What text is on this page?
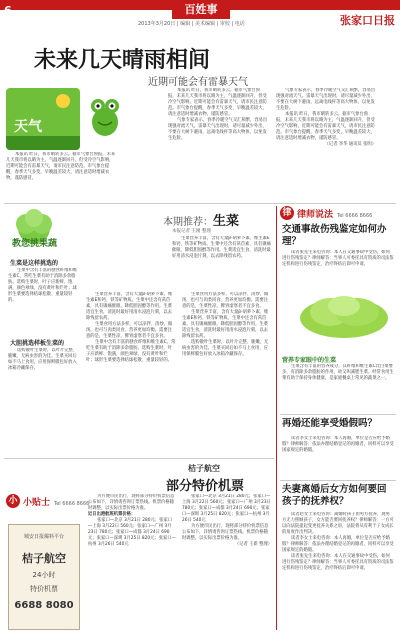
6	百姓事
2013年3月20日 | 编辑 | 美术编辑 | 审校 | 电话	张家口日报
未来几天晴雨相间
近期可能会有雷暴天气
天气

本报讯 昨日，我市晴转多云。据市气象台预报，未来几天我市将以晴为主，气温逐渐回升，但受冷空气影响，近期可能会有雷暴天气，请市民注意防范。市气象台提醒，春季天气多变，早晚温差较大，请注意适时增减衣物，谨防感冒。

本报讯 昨日，我市晴转多云。据市气象台预报，未来几天我市将以晴为主，气温逐渐回升，但受冷空气影响，近期可能会有雷暴天气，请市民注意防范。市气象台提醒，春季天气多变，早晚温差较大，请注意适时增减衣物，谨防感冒。

气象专家表示，春季冷暖空气交汇频繁，容易出现强对流天气。雷暴天气出现时，请尽量减少外出，不要在大树下避雨，远离电线杆等高大物体，以免发生危险。

气象专家表示，春季冷暖空气交汇频繁，容易出现强对流天气。雷暴天气出现时，请尽量减少外出，不要在大树下避雨，远离电线杆等高大物体，以免发生危险。

本报讯 昨日，我市晴转多云。据市气象台预报，未来几天我市将以晴为主，气温逐渐回升，但受冷空气影响，近期可能会有雷暴天气，请市民注意防范。市气象台提醒，春季天气多变，早晚温差较大，请注意适时增减衣物，谨防感冒。

（记者 李华 通讯员 张明）

律 律师说法 Tel 6666 8666
教您挑果蔬
本期推荐：生菜
本报记者 王刚 整理

生菜营养丰富，含有大量β-胡萝卜素、维生素E和钙、铁等矿物质。生菜中还含有莴苣素，具有镇痛催眠、降低胆固醇等作用。生菜适宜生食，清洗时最好用清水浸泡片刻，以去除残留农药。

生菜是这样挑选的

生菜中含有丰富的膳食纤维和维生素C，常吃生菜有助于消除多余脂肪。选购生菜时，叶子应新鲜、饱满，颜色翠绿，没有黄叶和烂叶；球形生菜要选择结球松散、重量较轻的。

大胆挑选样板生菜的

选购散叶生菜时，以叶片完整、脆嫩、无病虫害的为佳。生菜买回后如不马上食用，应用保鲜膜包好放入冰箱冷藏保存。

生菜营养丰富，含有大量β-胡萝卜素、维生素E和钙、铁等矿物质。生菜中还含有莴苣素，具有镇痛催眠、降低胆固醇等作用。生菜适宜生食，清洗时最好用清水浸泡片刻，以去除残留农药。

生菜食用方法多样，可以凉拌、清炒、做汤，也可与肉类同食，营养更加均衡。需要注意的是，生菜性凉，脾胃虚寒者不宜多食。

生菜中含有丰富的膳食纤维和维生素C，常吃生菜有助于消除多余脂肪。选购生菜时，叶子应新鲜、饱满，颜色翠绿，没有黄叶和烂叶；球形生菜要选择结球松散、重量较轻的。

生菜食用方法多样，可以凉拌、清炒、做汤，也可与肉类同食，营养更加均衡。需要注意的是，生菜性凉，脾胃虚寒者不宜多食。

生菜营养丰富，含有大量β-胡萝卜素、维生素E和钙、铁等矿物质。生菜中还含有莴苣素，具有镇痛催眠、降低胆固醇等作用。生菜适宜生食，清洗时最好用清水浸泡片刻，以去除残留农药。

选购散叶生菜时，以叶片完整、脆嫩、无病虫害的为佳。生菜买回后如不马上食用，应用保鲜膜包好放入冰箱冷藏保存。

营养专家眼中的生菜

生菜含有丰富的营养成分，其纤维和维生素C比白菜要多，有消除多余脂肪的作用，故又叫减肥生菜。经常食用生菜有助于保持身体健康，是家庭餐桌上常见的蔬菜之一。

交通事故伤残鉴定如何办理？

读者张先生来电咨询：本人在交通事故中受伤，如何进行伤残鉴定？律师解答：当事人可委托具有资质的司法鉴定机构进行伤残鉴定，治疗终结后即可申请。

再婚还能享受婚假吗？

读者李女士来电咨询：本人再婚，单位是否应给予婚假？律师解答：依法办理结婚登记的再婚者，同样可以享受国家规定的婚假。

夫妻离婚后女方如何要回孩子的抚养权？

读者赵女士来电咨询：离婚时孩子由男方抚养，现男方无力照顾孩子，女方能否要回抚养权？律师解答：一方可以向法院提起变更抚养关系之诉，法院将从有利于子女成长的角度作出判决。

读者李女士来电咨询：本人再婚，单位是否应给予婚假？律师解答：依法办理结婚登记的再婚者，同样可以享受国家规定的婚假。

读者张先生来电咨询：本人在交通事故中受伤，如何进行伤残鉴定？律师解答：当事人可委托具有资质的司法鉴定机构进行伤残鉴定，治疗终结后即可申请。

小 小贴士 Tel 6666 8666
城安日报爆料平台
桔子航空
24小时
特价机票
6688 8080
桔子航空
部分特价机票

为方便市民出行，现将部分特价机票信息公布如下，详情请咨询订票热线。机票价格随时调整，以实际出票价格为准。

近日出港航班机票价格：

张家口—北京 3月21日 280元；张家口—上海 3月22日 560元；张家口—广州 3月23日 780元；张家口—成都 3月24日 690元；张家口—深圳 3月25日 820元；张家口—杭州 3月26日 540元

张家口—北京 3月21日 280元；张家口—上海 3月22日 560元；张家口—广州 3月23日 780元；张家口—成都 3月24日 690元；张家口—深圳 3月25日 820元；张家口—杭州 3月26日 540元

为方便市民出行，现将部分特价机票信息公布如下，详情请咨询订票热线。机票价格随时调整，以实际出票价格为准。

（记者 王新 整理）
